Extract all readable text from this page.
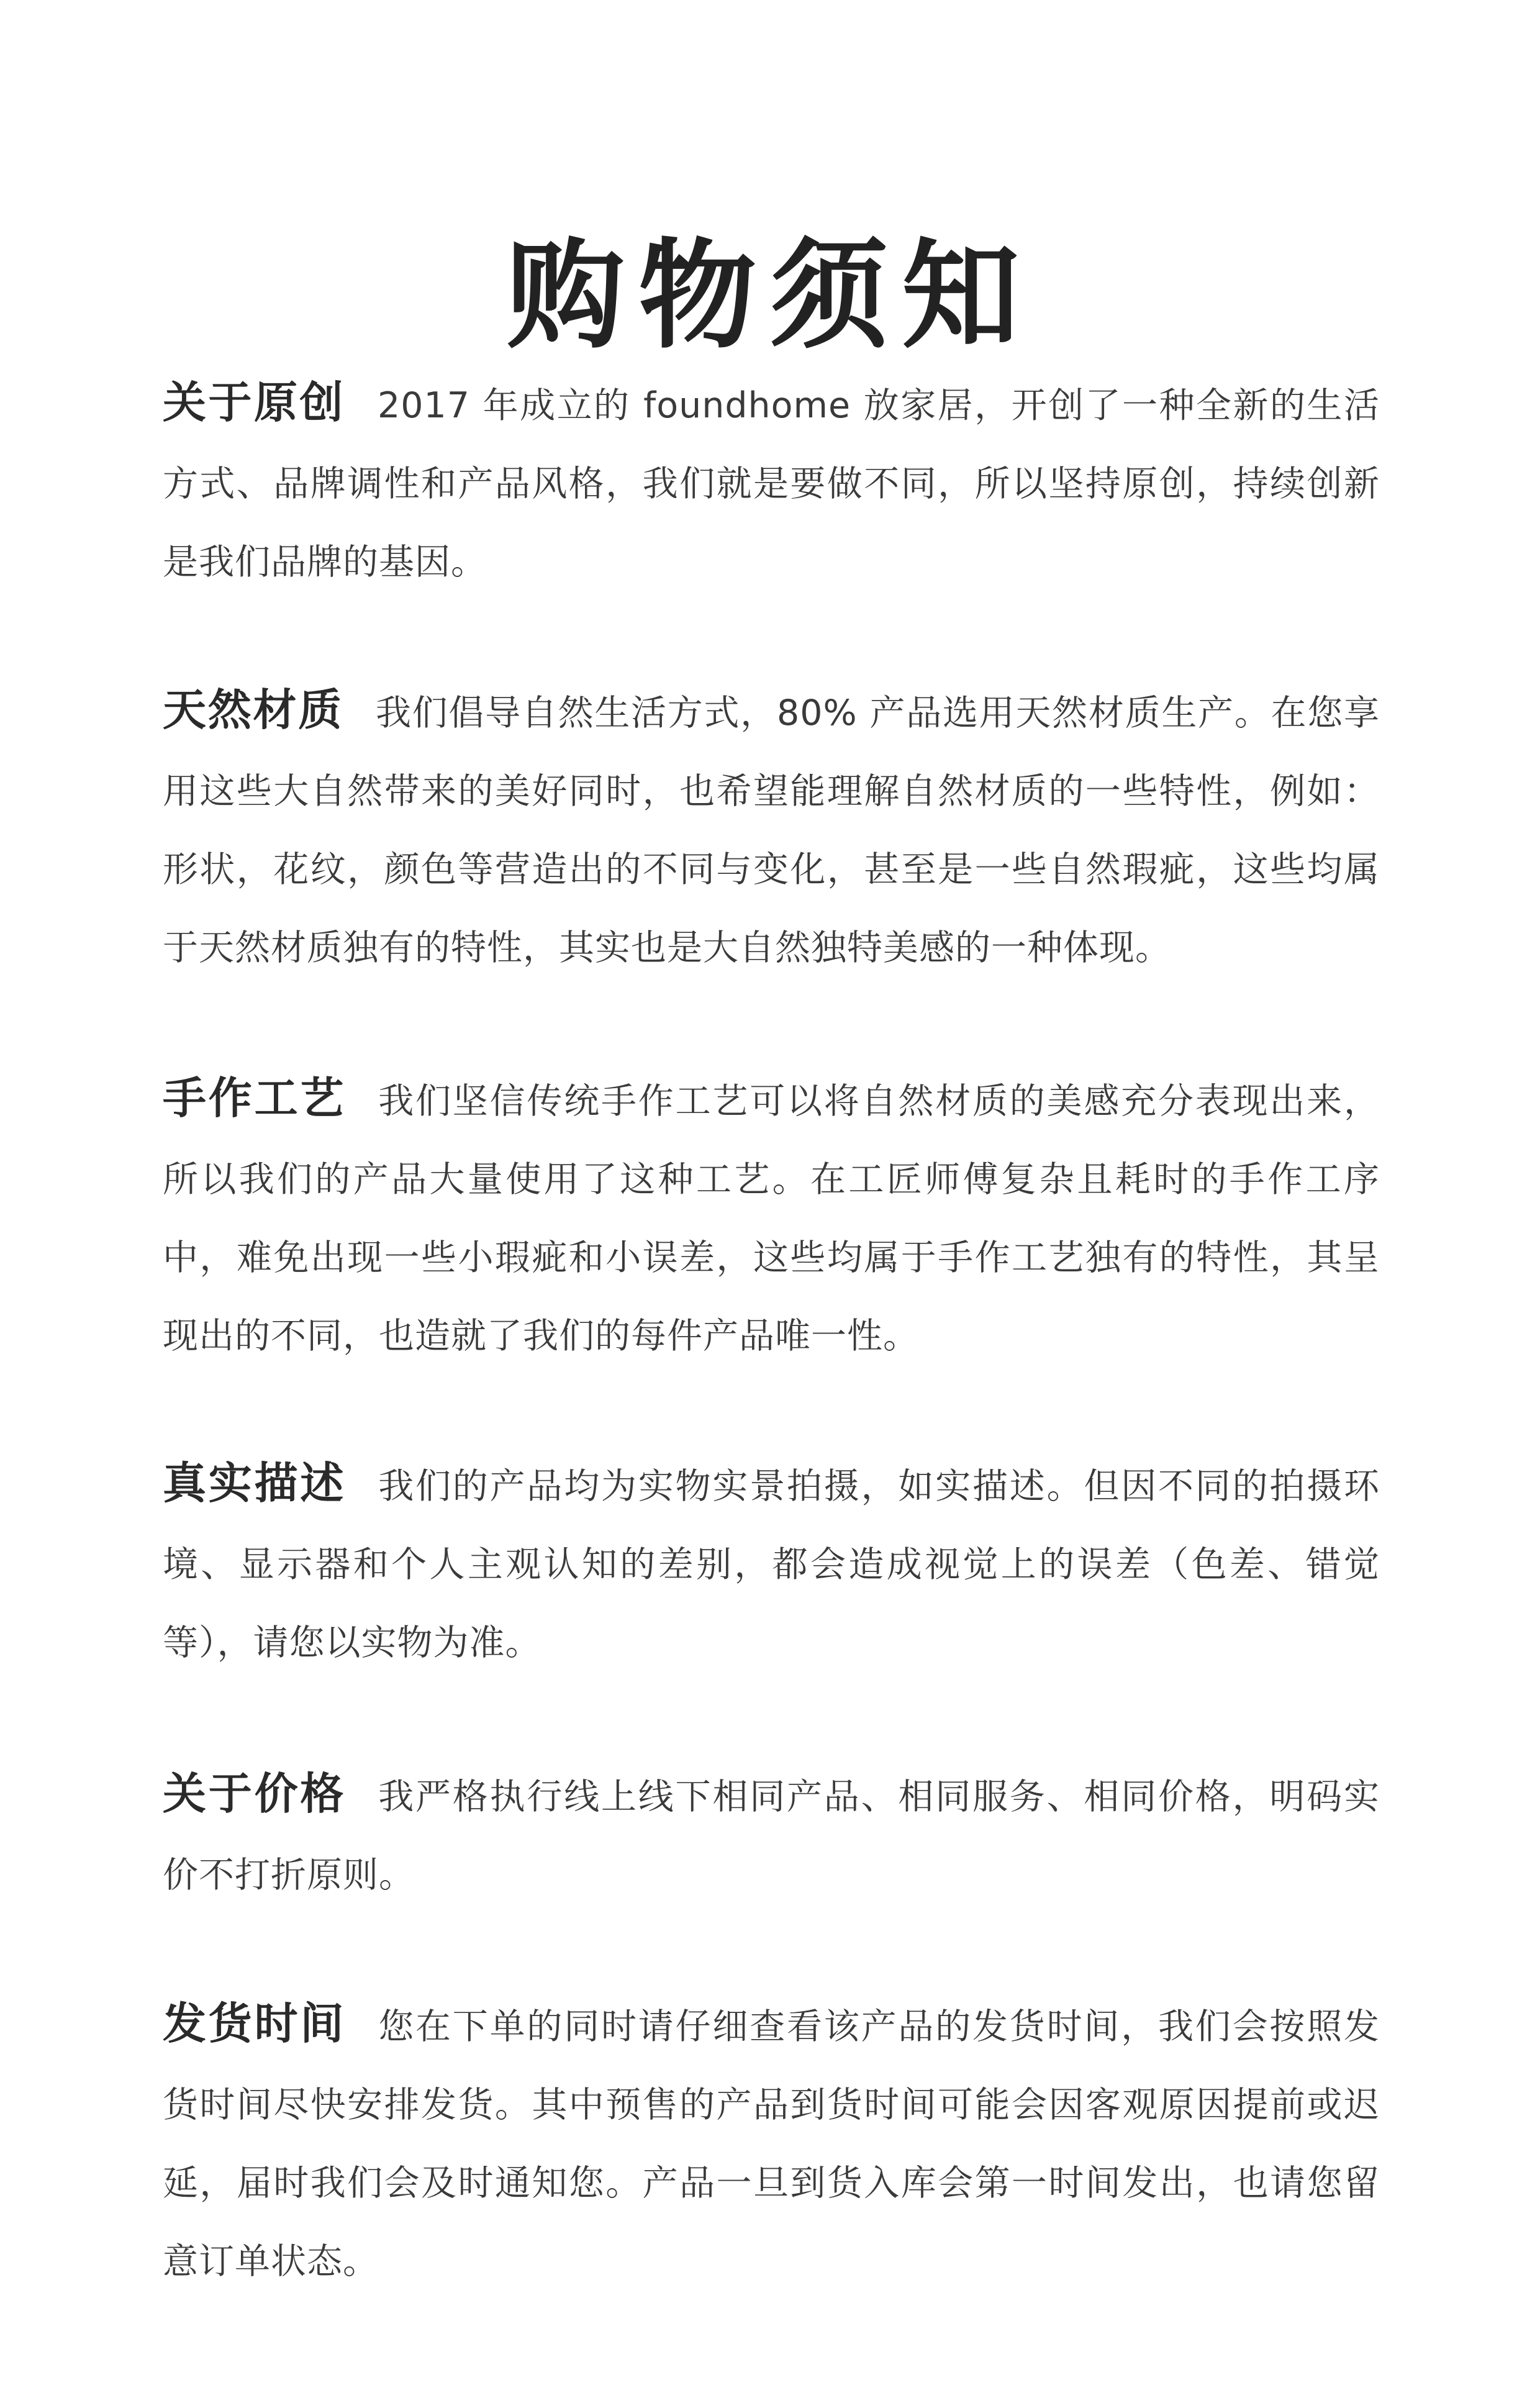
购物须知
关于原创 2017 年成立的 foundhome 放家居，开创了一种全新的生活方式、品牌调性和产品风格，我们就是要做不同，所以坚持原创，持续创新是我们品牌的基因。
天然材质 我们倡导自然生活方式，80% 产品选用天然材质生产。在您享用这些大自然带来的美好同时，也希望能理解自然材质的一些特性，例如：形状，花纹，颜色等营造出的不同与变化，甚至是一些自然瑕疵，这些均属于天然材质独有的特性，其实也是大自然独特美感的一种体现。
手作工艺 我们坚信传统手作工艺可以将自然材质的美感充分表现出来，所以我们的产品大量使用了这种工艺。在工匠师傅复杂且耗时的手作工序中，难免出现一些小瑕疵和小误差，这些均属于手作工艺独有的特性，其呈现出的不同，也造就了我们的每件产品唯一性。
真实描述 我们的产品均为实物实景拍摄，如实描述。但因不同的拍摄环境、显示器和个人主观认知的差别，都会造成视觉上的误差（色差、错觉等），请您以实物为准。
关于价格 我严格执行线上线下相同产品、相同服务、相同价格，明码实价不打折原则。
发货时间 您在下单的同时请仔细查看该产品的发货时间，我们会按照发货时间尽快安排发货。其中预售的产品到货时间可能会因客观原因提前或迟延，届时我们会及时通知您。产品一旦到货入库会第一时间发出，也请您留意订单状态。
